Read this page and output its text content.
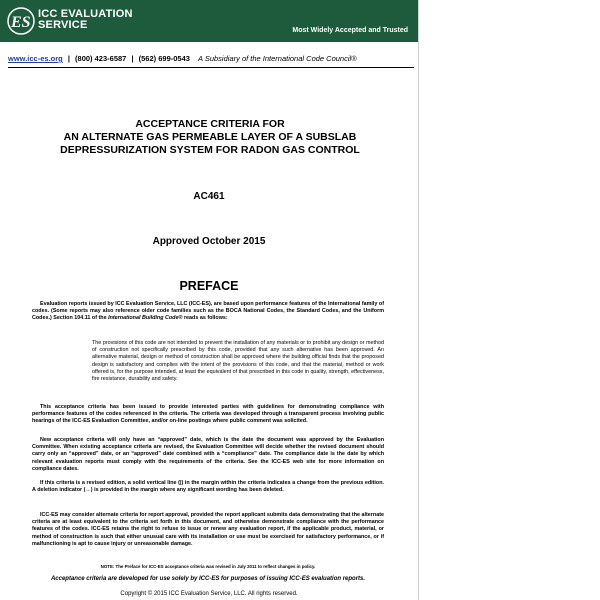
ES ICC EVALUATION
SERVICE	Most Widely Accepted and Trusted
www.icc-es.org | (800) 423-6587 | (562) 699-0543 A Subsidiary of the International Code Council®
ACCEPTANCE CRITERIA FOR
AN ALTERNATE GAS PERMEABLE LAYER OF A SUBSLAB
DEPRESSURIZATION SYSTEM FOR RADON GAS CONTROL
AC461
Approved October 2015
PREFACE
Evaluation reports issued by ICC Evaluation Service, LLC (ICC-ES), are based upon performance features of the International family of codes. (Some reports may also reference older code families such as the BOCA National Codes, the Standard Codes, and the Uniform Codes.) Section 104.11 of the International Building Code® reads as follows:
The provisions of this code are not intended to prevent the installation of any materials or to prohibit any design or method of construction not specifically prescribed by this code, provided that any such alternative has been approved. An alternative material, design or method of construction shall be approved where the building official finds that the proposed design is satisfactory and complies with the intent of the provisions of this code, and that the material, method or work offered is, for the purpose intended, at least the equivalent of that prescribed in this code in quality, strength, effectiveness, fire resistance, durability and safety.
This acceptance criteria has been issued to provide interested parties with guidelines for demonstrating compliance with performance features of the codes referenced in the criteria. The criteria was developed through a transparent process involving public hearings of the ICC-ES Evaluation Committee, and/or on-line postings where public comment was solicited.
New acceptance criteria will only have an “approved” date, which is the date the document was approved by the Evaluation Committee. When existing acceptance criteria are revised, the Evaluation Committee will decide whether the revised document should carry only an “approved” date, or an “approved” date combined with a “compliance” date. The compliance date is the date by which relevant evaluation reports must comply with the requirements of the criteria. See the ICC-ES web site for more information on compliance dates.
If this criteria is a revised edition, a solid vertical line (|) in the margin within the criteria indicates a change from the previous edition. A deletion indicator (→) is provided in the margin where any significant wording has been deleted.
ICC-ES may consider alternate criteria for report approval, provided the report applicant submits data demonstrating that the alternate criteria are at least equivalent to the criteria set forth in this document, and otherwise demonstrate compliance with the performance features of the codes. ICC-ES retains the right to refuse to issue or renew any evaluation report, if the applicable product, material, or method of construction is such that either unusual care with its installation or use must be exercised for satisfactory performance, or if malfunctioning is apt to cause injury or unreasonable damage.
NOTE: The Preface for ICC-ES acceptance criteria was revised in July 2011 to reflect changes in policy.
Acceptance criteria are developed for use solely by ICC-ES for purposes of issuing ICC-ES evaluation reports.
Copyright © 2015 ICC Evaluation Service, LLC. All rights reserved.
